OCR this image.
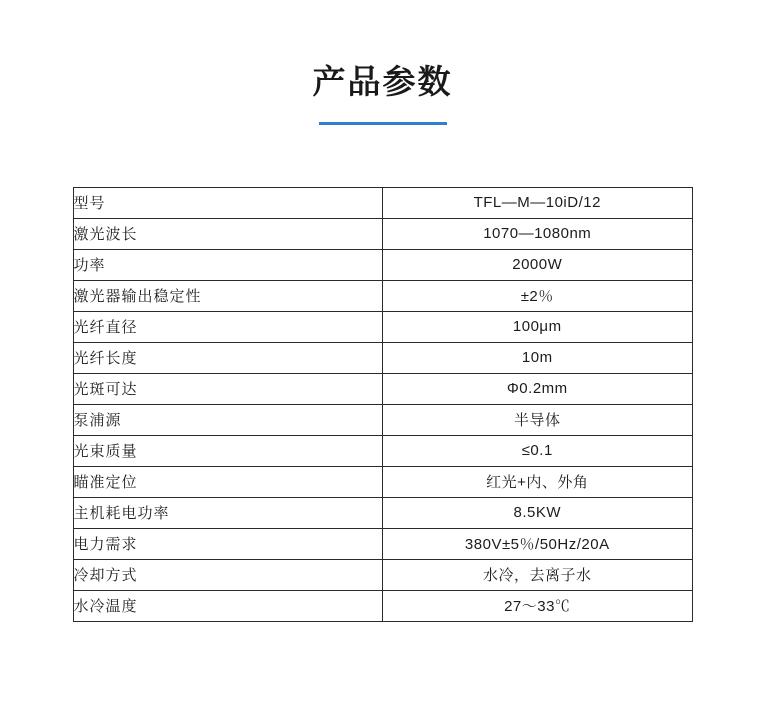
产品参数
型号	TFL—M—10iD/12
激光波长	1070—1080nm
功率	2000W
激光器输出稳定性	±2％
光纤直径	100μm
光纤长度	10m
光斑可达	Φ0.2mm
泵浦源	半导体
光束质量	≤0.1
瞄准定位	红光+内、外角
主机耗电功率	8.5KW
电力需求	380V±5％/50Hz/20A
冷却方式	水冷，去离子水
水冷温度	27～33℃
